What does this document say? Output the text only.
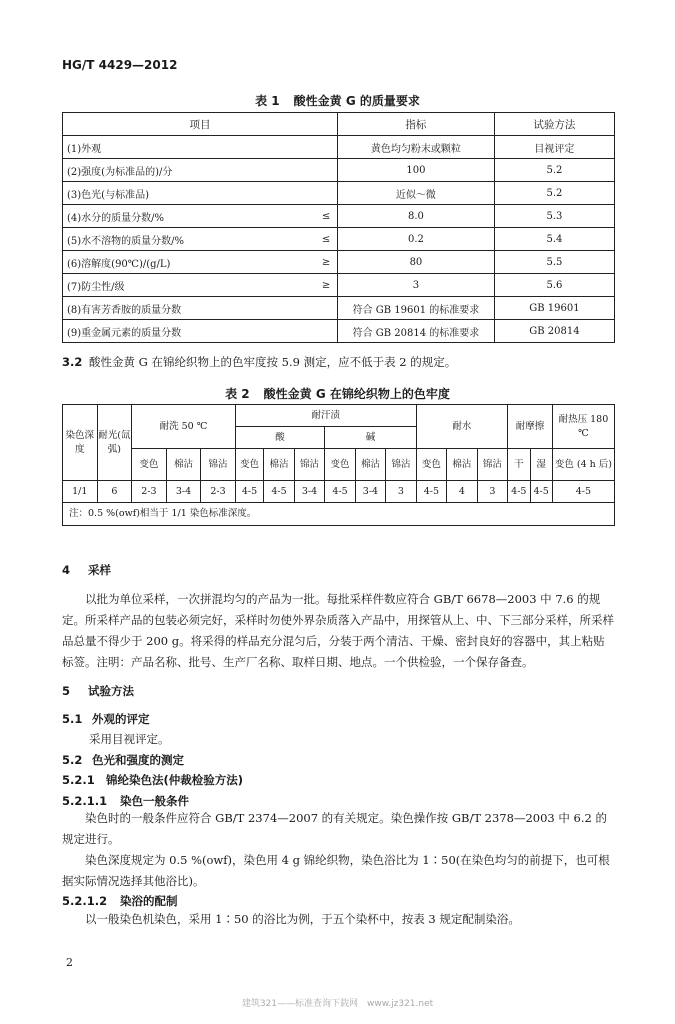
HG/T 4429—2012
表 1 酸性金黄 G 的质量要求
项目		指标	试验方法
(1)外观		黄色均匀粉末或颗粒	目视评定
(2)强度(为标准品的)/分		100	5.2
(3)色光(与标准品)		近似～微	5.2
(4)水分的质量分数/%	≤	8.0	5.3
(5)水不溶物的质量分数/%	≤	0.2	5.4
(6)溶解度(90℃)/(g/L)	≥	80	5.5
(7)防尘性/级	≥	3	5.6
(8)有害芳香胺的质量分数		符合 GB 19601 的标准要求	GB 19601
(9)重金属元素的质量分数		符合 GB 20814 的标准要求	GB 20814
3.2 酸性金黄 G 在锦纶织物上的色牢度按 5.9 测定，应不低于表 2 的规定。
表 2 酸性金黄 G 在锦纶织物上的色牢度
染色深度	耐光(氙弧)	耐洗 50 ℃			耐汗渍						耐水			耐摩擦		耐热压 180 ℃
					酸			碱								
		变色	棉沾	锦沾	变色	棉沾	锦沾	变色	棉沾	锦沾	变色	棉沾	锦沾	干	湿	变色 (4 h 后)
1/1	6	2-3	3-4	2-3	4-5	4-5	3-4	4-5	3-4	3	4-5	4	3	4-5	4-5	4-5
注：0.5 %(owf)相当于 1/1 染色标准深度。																
4 采样
以批为单位采样，一次拼混均匀的产品为一批。每批采样件数应符合 GB/T 6678—2003 中 7.6 的规定。所采样产品的包装必须完好，采样时勿使外界杂质落入产品中，用探管从上、中、下三部分采样，所采样品总量不得少于 200 g。将采得的样品充分混匀后，分装于两个清洁、干燥、密封良好的容器中，其上粘贴标签。注明：产品名称、批号、生产厂名称、取样日期、地点。一个供检验，一个保存备查。
5 试验方法
5.1 外观的评定
采用目视评定。
5.2 色光和强度的测定
5.2.1 锦纶染色法(仲裁检验方法)
5.2.1.1 染色一般条件
染色时的一般条件应符合 GB/T 2374—2007 的有关规定。染色操作按 GB/T 2378—2003 中 6.2 的规定进行。
染色深度规定为 0.5 %(owf)，染色用 4 g 锦纶织物，染色浴比为 1∶50(在染色均匀的前提下，也可根据实际情况选择其他浴比)。
5.2.1.2 染浴的配制
以一般染色机染色，采用 1∶50 的浴比为例，于五个染杯中，按表 3 规定配制染浴。
2
建筑321——标准查询下载网　www.jz321.net
